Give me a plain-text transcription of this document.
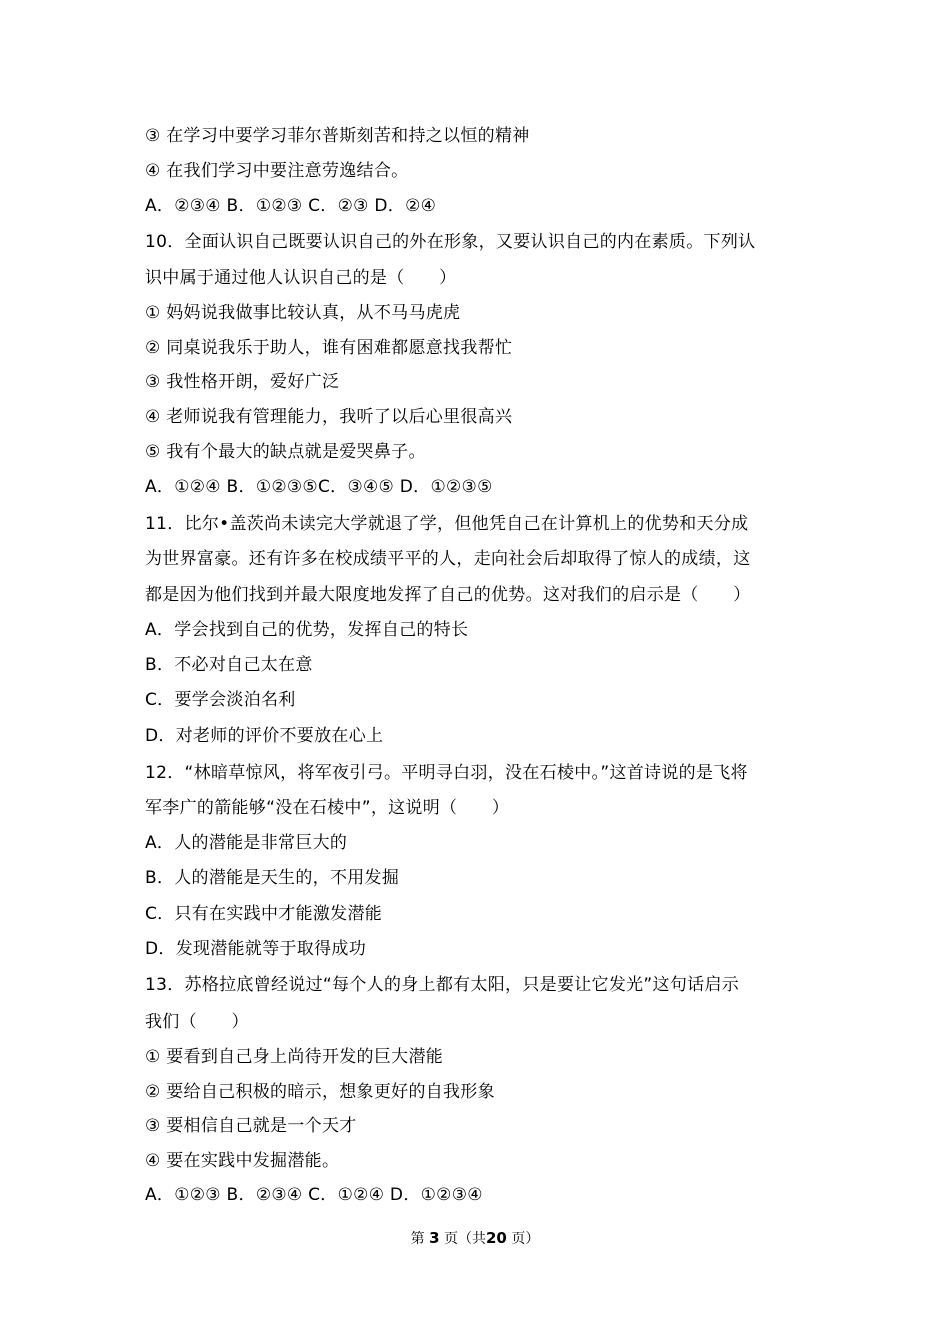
③ 在学习中要学习菲尔普斯刻苦和持之以恒的精神
④ 在我们学习中要注意劳逸结合。
A．②③④ B．①②③ C．②③ D．②④
10．全面认识自己既要认识自己的外在形象，又要认识自己的内在素质。下列认
识中属于通过他人认识自己的是（　　）
① 妈妈说我做事比较认真，从不马马虎虎
② 同桌说我乐于助人，谁有困难都愿意找我帮忙
③ 我性格开朗，爱好广泛
④ 老师说我有管理能力，我听了以后心里很高兴
⑤ 我有个最大的缺点就是爱哭鼻子。
A．①②④ B．①②③⑤C．③④⑤ D．①②③⑤
11．比尔•盖茨尚未读完大学就退了学，但他凭自己在计算机上的优势和天分成
为世界富豪。还有许多在校成绩平平的人，走向社会后却取得了惊人的成绩，这
都是因为他们找到并最大限度地发挥了自己的优势。这对我们的启示是（　　）
A．学会找到自己的优势，发挥自己的特长
B．不必对自己太在意
C．要学会淡泊名利
D．对老师的评价不要放在心上
12．“林暗草惊风，将军夜引弓。平明寻白羽，没在石棱中。”这首诗说的是飞将
军李广的箭能够“没在石棱中”，这说明（　　）
A．人的潜能是非常巨大的
B．人的潜能是天生的，不用发掘
C．只有在实践中才能激发潜能
D．发现潜能就等于取得成功
13．苏格拉底曾经说过“每个人的身上都有太阳，只是要让它发光”这句话启示
我们（　　）
① 要看到自己身上尚待开发的巨大潜能
② 要给自己积极的暗示，想象更好的自我形象
③ 要相信自己就是一个天才
④ 要在实践中发掘潜能。
A．①②③ B．②③④ C．①②④ D．①②③④
第 3 页（共20 页）
